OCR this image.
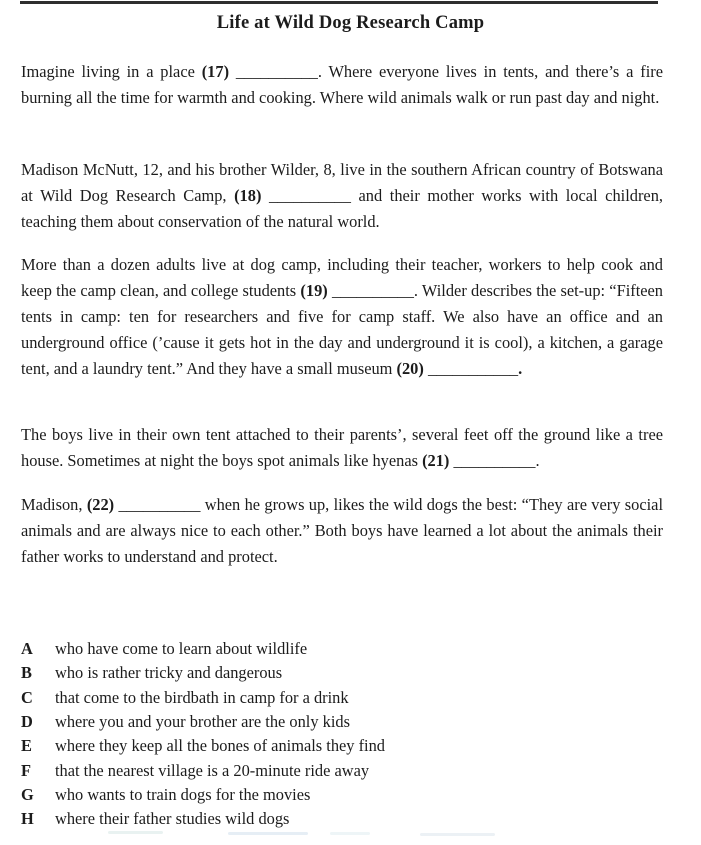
Life at Wild Dog Research Camp

Imagine living in a place (17) __________. Where everyone lives in tents, and there’s a fire burning all the time for warmth and cooking. Where wild animals walk or run past day and night.

Madison McNutt, 12, and his brother Wilder, 8, live in the southern African country of Botswana at Wild Dog Research Camp, (18) __________ and their mother works with local children, teaching them about conservation of the natural world.

More than a dozen adults live at dog camp, including their teacher, workers to help cook and keep the camp clean, and college students (19) __________. Wilder describes the set-up: “Fifteen tents in camp: ten for researchers and five for camp staff. We also have an office and an underground office (’cause it gets hot in the day and underground it is cool), a kitchen, a garage tent, and a laundry tent.” And they have a small museum (20) ___________.

The boys live in their own tent attached to their parents’, several feet off the ground like a tree house. Sometimes at night the boys spot animals like hyenas (21) __________.

Madison, (22) __________ when he grows up, likes the wild dogs the best: “They are very social animals and are always nice to each other.” Both boys have learned a lot about the animals their father works to understand and protect.

A	who have come to learn about wildlife
B	who is rather tricky and dangerous
C	that come to the birdbath in camp for a drink
D	where you and your brother are the only kids
E	where they keep all the bones of animals they find
F	that the nearest village is a 20-minute ride away
G	who wants to train dogs for the movies
H	where their father studies wild dogs
